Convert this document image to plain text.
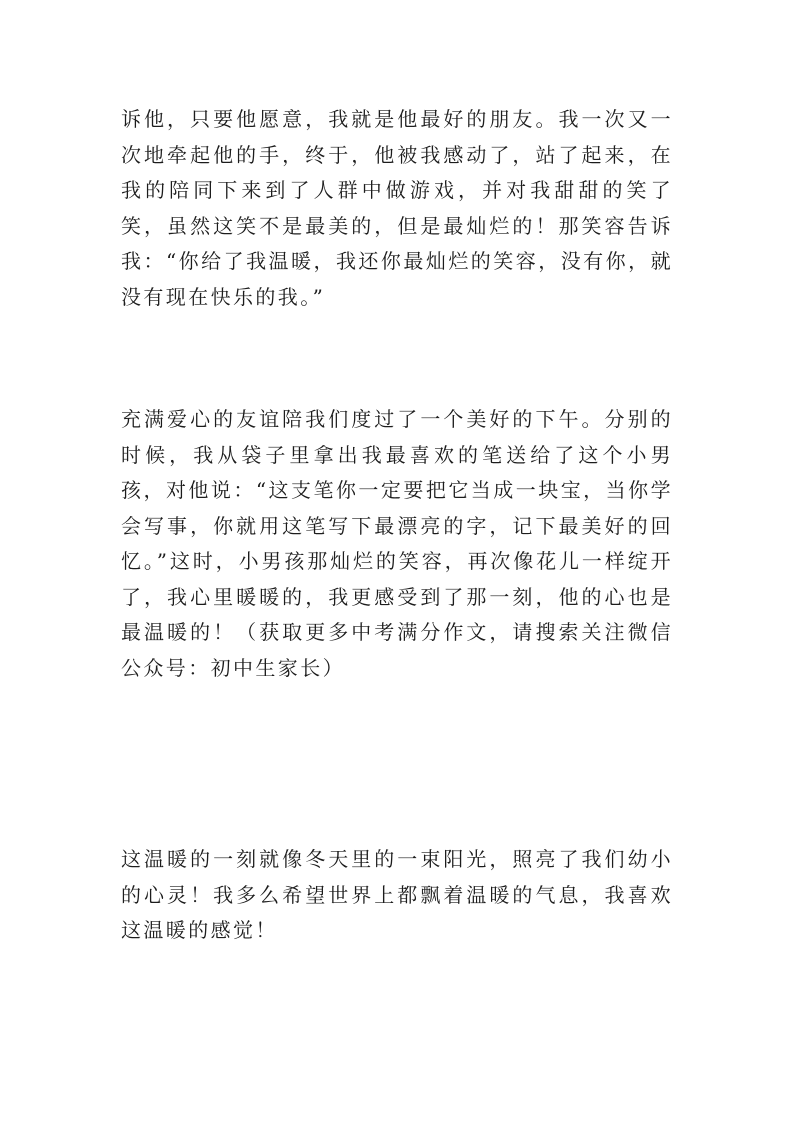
诉他，只要他愿意，我就是他最好的朋友。我一次又一次地牵起他的手，终于，他被我感动了，站了起来，在我的陪同下来到了人群中做游戏，并对我甜甜的笑了笑，虽然这笑不是最美的，但是最灿烂的！那笑容告诉我：“你给了我温暖，我还你最灿烂的笑容，没有你，就没有现在快乐的我。”

充满爱心的友谊陪我们度过了一个美好的下午。分别的时候，我从袋子里拿出我最喜欢的笔送给了这个小男孩，对他说：“这支笔你一定要把它当成一块宝，当你学会写事，你就用这笔写下最漂亮的字，记下最美好的回忆。”这时，小男孩那灿烂的笑容，再次像花儿一样绽开了，我心里暖暖的，我更感受到了那一刻，他的心也是最温暖的！（获取更多中考满分作文，请搜索关注微信公众号：初中生家长）

这温暖的一刻就像冬天里的一束阳光，照亮了我们幼小的心灵！我多么希望世界上都飘着温暖的气息，我喜欢这温暖的感觉！
